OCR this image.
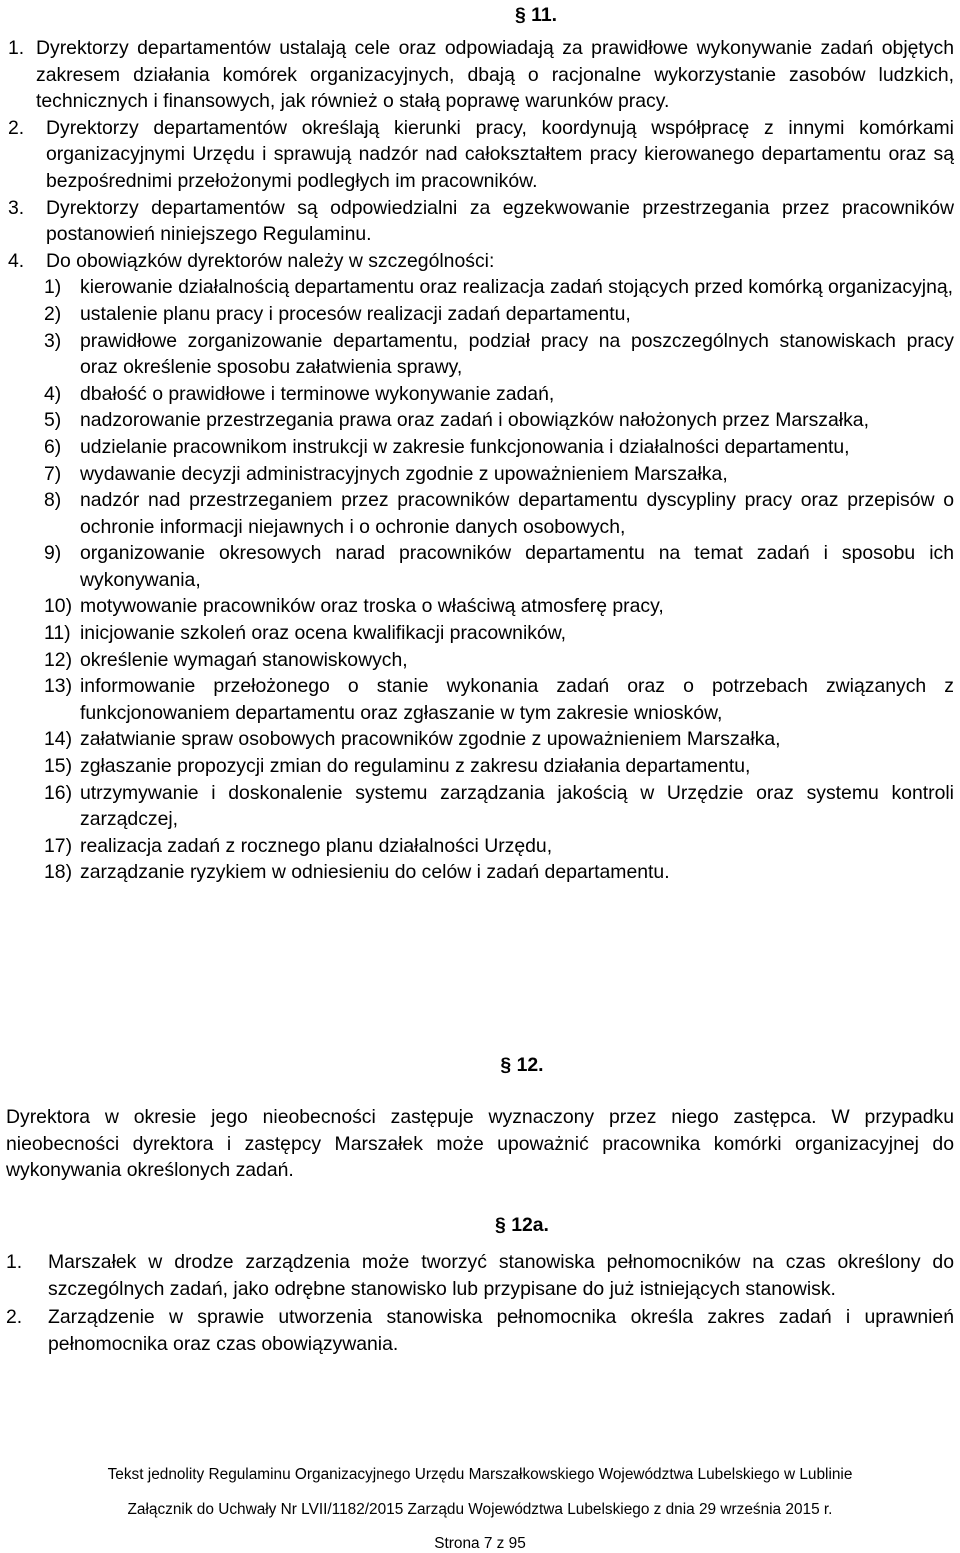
§ 11.

1. Dyrektorzy departamentów ustalają cele oraz odpowiadają za prawidłowe wykonywanie zadań objętych zakresem działania komórek organizacyjnych, dbają o racjonalne wykorzystanie zasobów ludzkich, technicznych i finansowych, jak również o stałą poprawę warunków pracy.
2. Dyrektorzy departamentów określają kierunki pracy, koordynują współpracę z innymi komórkami organizacyjnymi Urzędu i sprawują nadzór nad całokształtem pracy kierowanego departamentu oraz są bezpośrednimi przełożonymi podległych im pracowników.
3. Dyrektorzy departamentów są odpowiedzialni za egzekwowanie przestrzegania przez pracowników postanowień niniejszego Regulaminu.
4. Do obowiązków dyrektorów należy w szczególności:
1) kierowanie działalnością departamentu oraz realizacja zadań stojących przed komórką organizacyjną,
2) ustalenie planu pracy i procesów realizacji zadań departamentu,
3) prawidłowe zorganizowanie departamentu, podział pracy na poszczególnych stanowiskach pracy oraz określenie sposobu załatwienia sprawy,
4) dbałość o prawidłowe i terminowe wykonywanie zadań,
5) nadzorowanie przestrzegania prawa oraz zadań i obowiązków nałożonych przez Marszałka,
6) udzielanie pracownikom instrukcji w zakresie funkcjonowania i działalności departamentu,
7) wydawanie decyzji administracyjnych zgodnie z upoważnieniem Marszałka,
8) nadzór nad przestrzeganiem przez pracowników departamentu dyscypliny pracy oraz przepisów o ochronie informacji niejawnych i o ochronie danych osobowych,
9) organizowanie okresowych narad pracowników departamentu na temat zadań i sposobu ich wykonywania,
10) motywowanie pracowników oraz troska o właściwą atmosferę pracy,
11) inicjowanie szkoleń oraz ocena kwalifikacji pracowników,
12) określenie wymagań stanowiskowych,
13) informowanie przełożonego o stanie wykonania zadań oraz o potrzebach związanych z funkcjonowaniem departamentu oraz zgłaszanie w tym zakresie wniosków,
14) załatwianie spraw osobowych pracowników zgodnie z upoważnieniem Marszałka,
15) zgłaszanie propozycji zmian do regulaminu z zakresu działania departamentu,
16) utrzymywanie i doskonalenie systemu zarządzania jakością w Urzędzie oraz systemu kontroli zarządczej,
17) realizacja zadań z rocznego planu działalności Urzędu,
18) zarządzanie ryzykiem w odniesieniu do celów i zadań departamentu.

§ 12.

Dyrektora w okresie jego nieobecności zastępuje wyznaczony przez niego zastępca. W przypadku nieobecności dyrektora i zastępcy Marszałek może upoważnić pracownika komórki organizacyjnej do wykonywania określonych zadań.

§ 12a.

1. Marszałek w drodze zarządzenia może tworzyć stanowiska pełnomocników na czas określony do szczególnych zadań, jako odrębne stanowisko lub przypisane do już istniejących stanowisk.
2. Zarządzenie w sprawie utworzenia stanowiska pełnomocnika określa zakres zadań i uprawnień pełnomocnika oraz czas obowiązywania.
Tekst jednolity Regulaminu Organizacyjnego Urzędu Marszałkowskiego Województwa Lubelskiego w Lublinie
Załącznik do Uchwały Nr LVII/1182/2015 Zarządu Województwa Lubelskiego z dnia 29 września 2015 r.
Strona 7 z 95
